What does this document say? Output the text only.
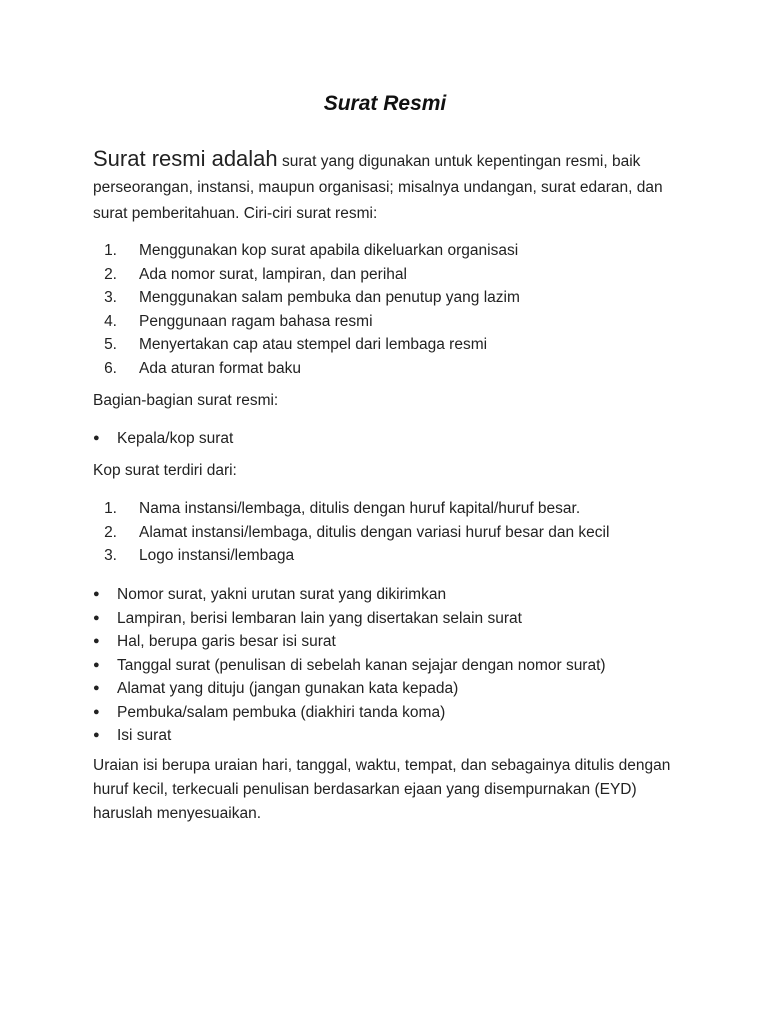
Surat Resmi

Surat resmi adalah surat yang digunakan untuk kepentingan resmi, baik perseorangan, instansi, maupun organisasi; misalnya undangan, surat edaran, dan surat pemberitahuan. Ciri-ciri surat resmi:

1. Menggunakan kop surat apabila dikeluarkan organisasi
2. Ada nomor surat, lampiran, dan perihal
3. Menggunakan salam pembuka dan penutup yang lazim
4. Penggunaan ragam bahasa resmi
5. Menyertakan cap atau stempel dari lembaga resmi
6. Ada aturan format baku

Bagian-bagian surat resmi:

● Kepala/kop surat

Kop surat terdiri dari:

1. Nama instansi/lembaga, ditulis dengan huruf kapital/huruf besar.
2. Alamat instansi/lembaga, ditulis dengan variasi huruf besar dan kecil
3. Logo instansi/lembaga
● Nomor surat, yakni urutan surat yang dikirimkan
● Lampiran, berisi lembaran lain yang disertakan selain surat
● Hal, berupa garis besar isi surat
● Tanggal surat (penulisan di sebelah kanan sejajar dengan nomor surat)
● Alamat yang dituju (jangan gunakan kata kepada)
● Pembuka/salam pembuka (diakhiri tanda koma)
● Isi surat

Uraian isi berupa uraian hari, tanggal, waktu, tempat, dan sebagainya ditulis dengan huruf kecil, terkecuali penulisan berdasarkan ejaan yang disempurnakan (EYD) haruslah menyesuaikan.
